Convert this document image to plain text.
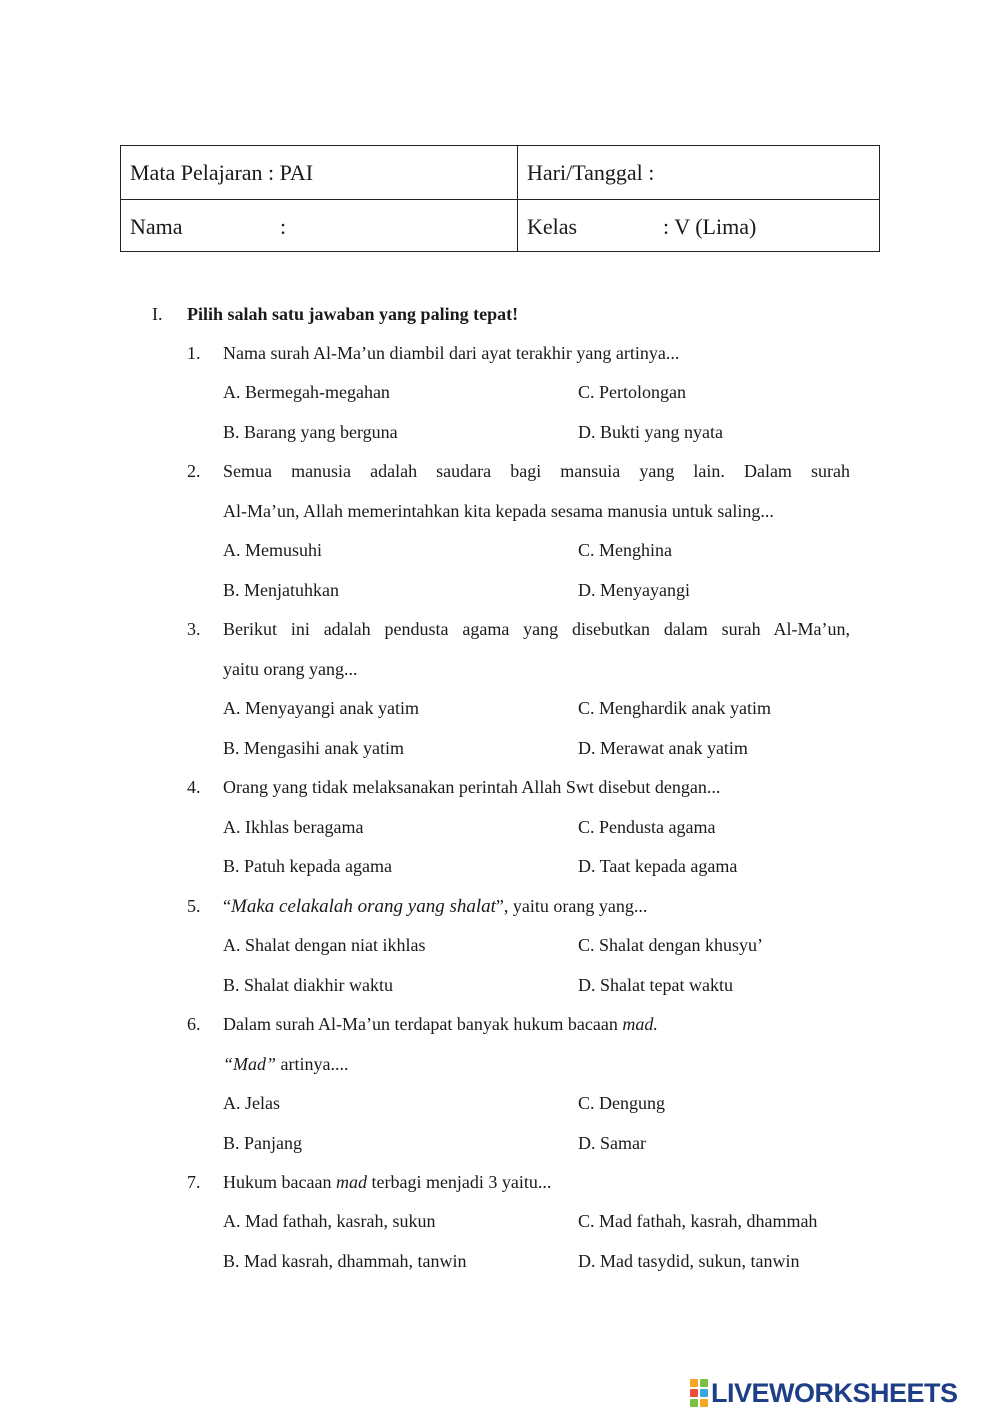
Mata Pelajaran : PAI	Hari/Tanggal :
Nama	:	Kelas	: V (Lima)
I. Pilih salah satu jawaban yang paling tepat!
1. Nama surah Al-Ma’un diambil dari ayat terakhir yang artinya...
A. Bermegah-megahan	C. Pertolongan
B. Barang yang berguna	D. Bukti yang nyata
2. Semua manusia adalah saudara bagi mansuia yang lain. Dalam surah
Al-Ma’un, Allah memerintahkan kita kepada sesama manusia untuk saling...
A. Memusuhi	C. Menghina
B. Menjatuhkan	D. Menyayangi
3. Berikut ini adalah pendusta agama yang disebutkan dalam surah Al-Ma’un,
yaitu orang yang...
A. Menyayangi anak yatim	C. Menghardik anak yatim
B. Mengasihi anak yatim	D. Merawat anak yatim
4. Orang yang tidak melaksanakan perintah Allah Swt disebut dengan...
A. Ikhlas beragama	C. Pendusta agama
B. Patuh kepada agama	D. Taat kepada agama
5. “Maka celakalah orang yang shalat”, yaitu orang yang...
A. Shalat dengan niat ikhlas	C. Shalat dengan khusyu’
B. Shalat diakhir waktu	D. Shalat tepat waktu
6. Dalam surah Al-Ma’un terdapat banyak hukum bacaan mad.
“Mad” artinya....
A. Jelas	C. Dengung
B. Panjang	D. Samar
7. Hukum bacaan mad terbagi menjadi 3 yaitu...
A. Mad fathah, kasrah, sukun	C. Mad fathah, kasrah, dhammah
B. Mad kasrah, dhammah, tanwin	D. Mad tasydid, sukun, tanwin
LIVEWORKSHEETS
